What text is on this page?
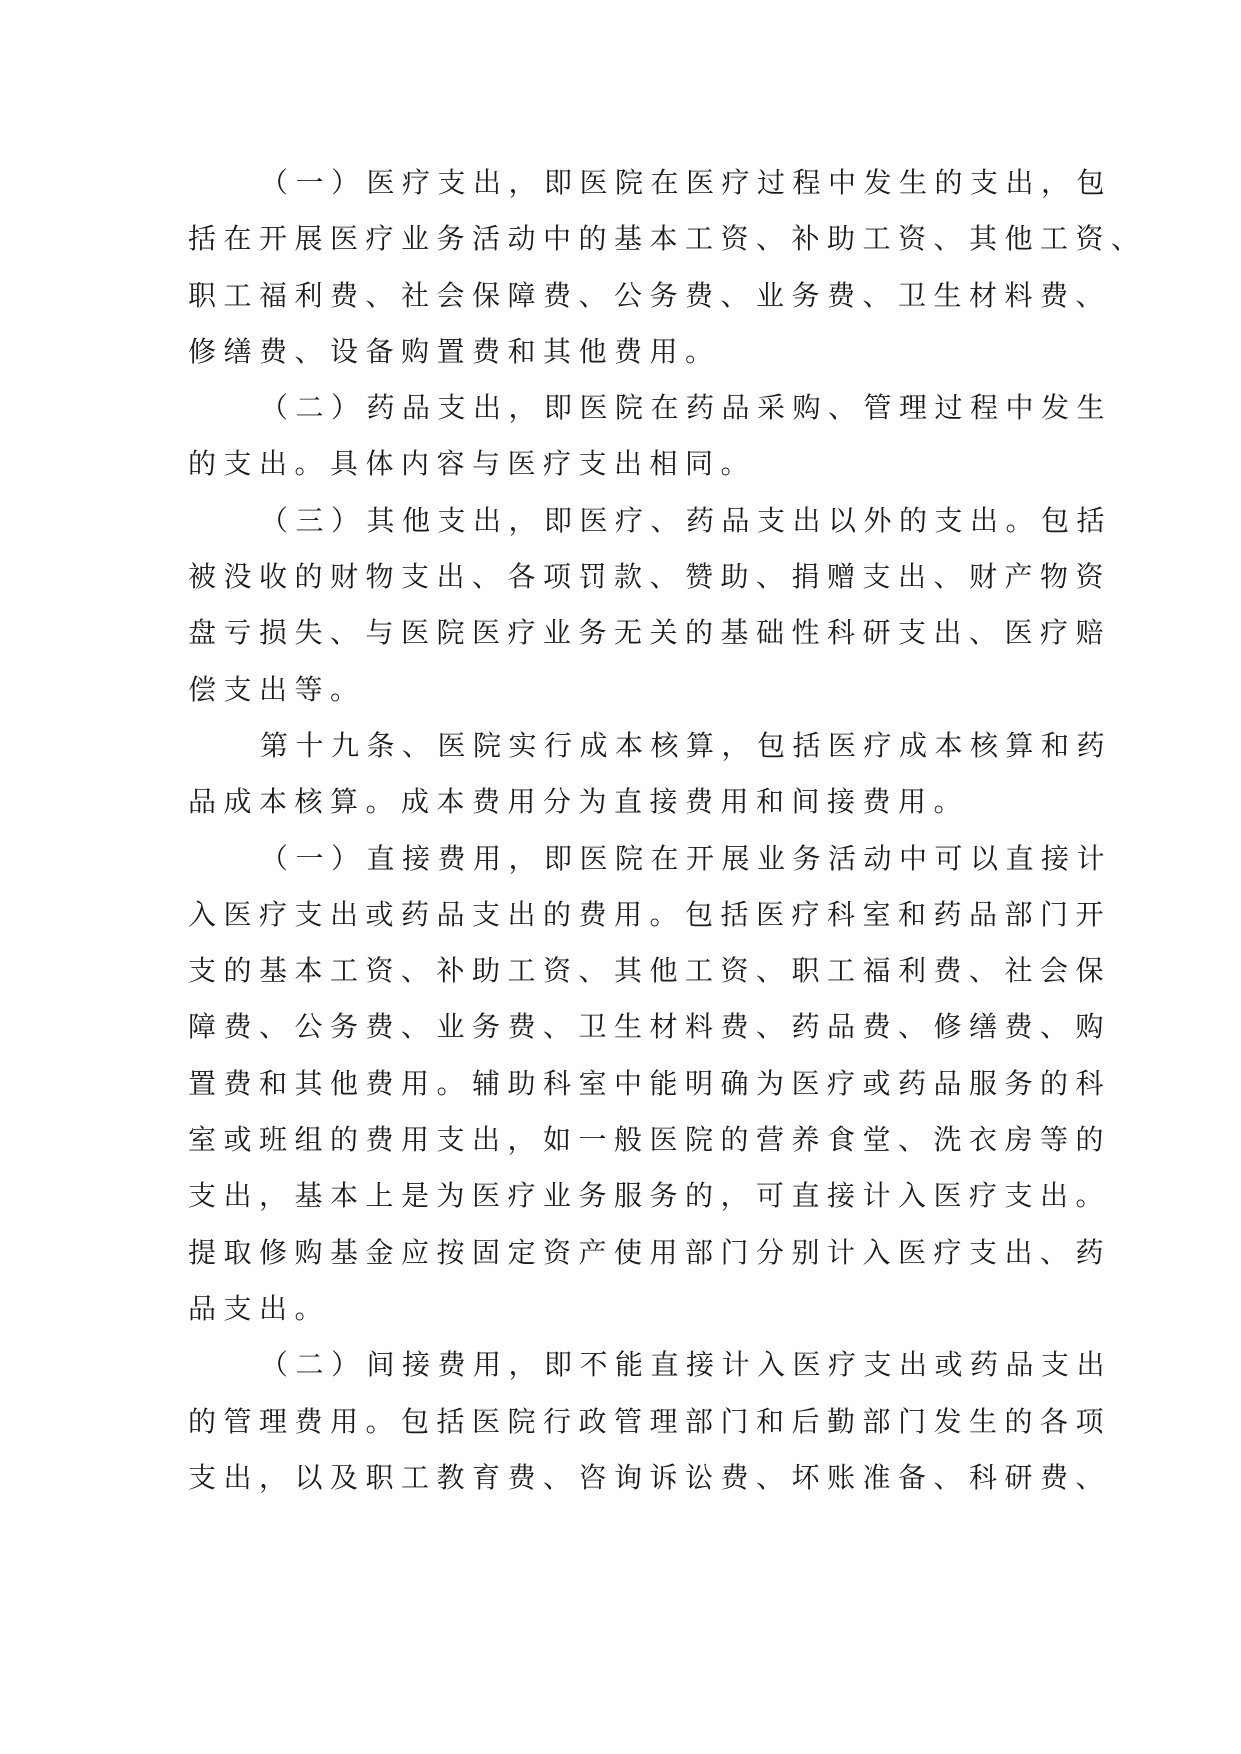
（一）医疗支出，即医院在医疗过程中发生的支出，包
括在开展医疗业务活动中的基本工资、补助工资、其他工资、
职工福利费、社会保障费、公务费、业务费、卫生材料费、
修缮费、设备购置费和其他费用。
（二）药品支出，即医院在药品采购、管理过程中发生
的支出。具体内容与医疗支出相同。
（三）其他支出，即医疗、药品支出以外的支出。包括
被没收的财物支出、各项罚款、赞助、捐赠支出、财产物资
盘亏损失、与医院医疗业务无关的基础性科研支出、医疗赔
偿支出等。
第十九条、医院实行成本核算，包括医疗成本核算和药
品成本核算。成本费用分为直接费用和间接费用。
（一）直接费用，即医院在开展业务活动中可以直接计
入医疗支出或药品支出的费用。包括医疗科室和药品部门开
支的基本工资、补助工资、其他工资、职工福利费、社会保
障费、公务费、业务费、卫生材料费、药品费、修缮费、购
置费和其他费用。辅助科室中能明确为医疗或药品服务的科
室或班组的费用支出，如一般医院的营养食堂、洗衣房等的
支出，基本上是为医疗业务服务的，可直接计入医疗支出。
提取修购基金应按固定资产使用部门分别计入医疗支出、药
品支出。
（二）间接费用，即不能直接计入医疗支出或药品支出
的管理费用。包括医院行政管理部门和后勤部门发生的各项
支出，以及职工教育费、咨询诉讼费、坏账准备、科研费、
